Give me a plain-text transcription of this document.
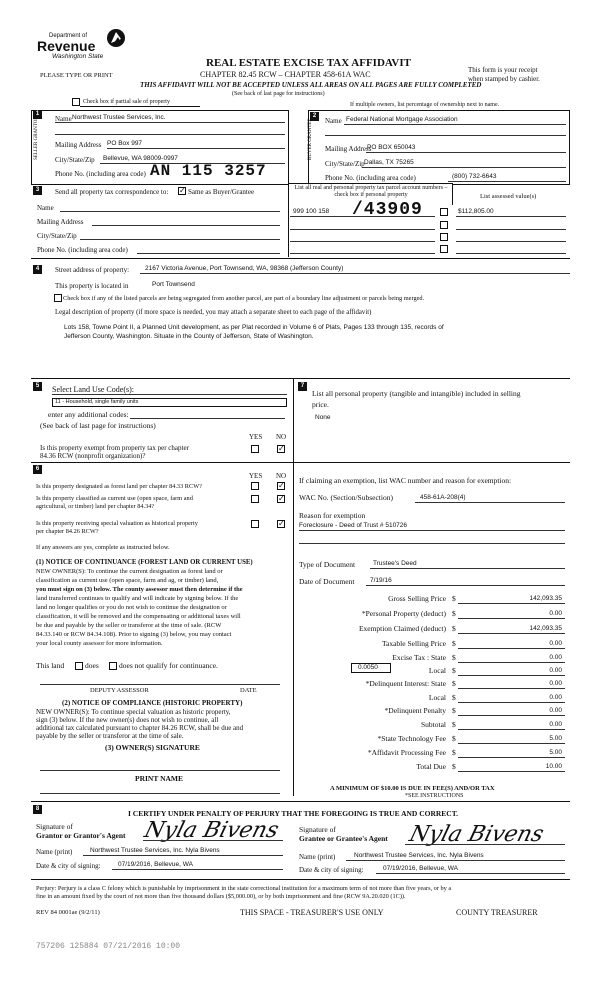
Department of
Revenue
Washington State
REAL ESTATE EXCISE TAX AFFIDAVIT
CHAPTER 82.45 RCW – CHAPTER 458-61A WAC
PLEASE TYPE OR PRINT
This form is your receipt
when stamped by cashier.
THIS AFFIDAVIT WILL NOT BE ACCEPTED UNLESS ALL AREAS ON ALL PAGES ARE FULLY COMPLETED
(See back of last page for instructions)
Check box if partial sale of property	If multiple owners, list percentage of ownership next to name.
1
Name Northwest Trustee Services, Inc.
Mailing Address PO Box 997
City/State/Zip Bellevue, WA 98009-0997
Phone No. (including area code) AN 115 3257
2
BUYER GRANTEE Name Federal National Mortgage Association
Mailing Address
PO BOX 650043
City/State/Zip Dallas, TX 75265
Phone No. (including area code)	(800) 732-6643
3	Send all property tax correspondence to: ✓ Same as Buyer/Grantee
Name
Mailing Address
City/State/Zip
Phone No. (including area code)
List all real and personal property tax parcel account numbers – check box if personal property	List assessed value(s)
999 100 158 /43909	$112,805.00
4	Street address of property: 2167 Victoria Avenue, Port Townsend, WA, 98368 (Jefferson County)
This property is located in	Port Townsend
Check box if any of the listed parcels are being segregated from another parcel, are part of a boundary line adjustment or parcels being merged.
Legal description of property (if more space is needed, you may attach a separate sheet to each page of the affidavit)
Lots 158, Towne Point II, a Planned Unit development, as per Plat recorded in Volume 6 of Plats, Pages 133 through 135, records of
Jefferson County, Washington. Situate in the County of Jefferson, State of Washington.
5	Select Land Use Code(s):
11 - Household, single family units
enter any additional codes:
(See back of last page for instructions)
YES NO
Is this property exempt from property tax per chapter
84.36 RCW (nonprofit organization)?
✓
7
List all personal property (tangible and intangible) included in selling
price.
None
6
YES NO
Is this property designated as forest land per chapter 84.33 RCW?	✓
Is this property classified as current use (open space, farm and
agricultural, or timber) land per chapter 84.34?
✓
Is this property receiving special valuation as historical property
per chapter 84.26 RCW?
✓
If any answers are yes, complete as instructed below.
(1) NOTICE OF CONTINUANCE (FOREST LAND OR CURRENT USE)
NEW OWNER(S): To continue the current designation as forest land or
classification as current use (open space, farm and ag, or timber) land,
you must sign on (3) below. The county assessor must then determine if the
land transferred continues to qualify and will indicate by signing below. If the
land no longer qualifies or you do not wish to continue the designation or
classification, it will be removed and the compensating or additional taxes will
be due and payable by the seller or transferor at the time of sale. (RCW
84.33.140 or RCW 84.34.108). Prior to signing (3) below, you may contact
your local county assessor for more information.
This land	does	does not qualify for continuance.
DEPUTY ASSESSOR	DATE
(2) NOTICE OF COMPLIANCE (HISTORIC PROPERTY)
NEW OWNER(S): To continue special valuation as historic property,
sign (3) below. If the new owner(s) does not wish to continue, all
additional tax calculated pursuant to chapter 84.26 RCW, shall be due and
payable by the seller or transferor at the time of sale.
(3) OWNER(S) SIGNATURE
PRINT NAME
If claiming an exemption, list WAC number and reason for exemption:
WAC No. (Section/Subsection)	458-61A-208(4)
Reason for exemption
Foreclosure - Deed of Trust # 510726
Type of Document	Trustee's Deed
Date of Document 7/19/16
Gross Selling Price $	142,093.35
*Personal Property (deduct) $	0.00
Exemption Claimed (deduct) $	142,093.35
Taxable Selling Price $	0.00
Excise Tax : State $	0.00
Local $	0.00
*Delinquent Interest: State $	0.00
Local $	0.00
*Delinquent Penalty $	0.00
Subtotal $	0.00
*State Technology Fee $	5.00
*Affidavit Processing Fee $	5.00
Total Due $	10.00
0.0050
A MINIMUM OF $10.00 IS DUE IN FEE(S) AND/OR TAX
*SEE INSTRUCTIONS
8	I CERTIFY UNDER PENALTY OF PERJURY THAT THE FOREGOING IS TRUE AND CORRECT.
Signature of
Grantor or Grantor's Agent Nyla Bivens
Name (print)	Northwest Trustee Services, Inc. Nyla Bivens
Date & city of signing:	07/19/2016, Bellevue, WA
Signature of
Grantee or Grantee's Agent Nyla Bivens
Name (print)	Northwest Trustee Services, Inc. Nyla Bivens
Date & city of signing:	07/19/2016, Bellevue, WA
Perjury: Perjury is a class C felony which is punishable by imprisonment in the state correctional institution for a maximum term of not more than five years, or by a
fine in an amount fixed by the court of not more than five thousand dollars ($5,000.00), or by both imprisonment and fine (RCW 9A.20.020 (1C)).
REV 84 0001ae (9/2/11)	THIS SPACE - TREASURER'S USE ONLY	COUNTY TREASURER
757206 125884 07/21/2016 10:00
